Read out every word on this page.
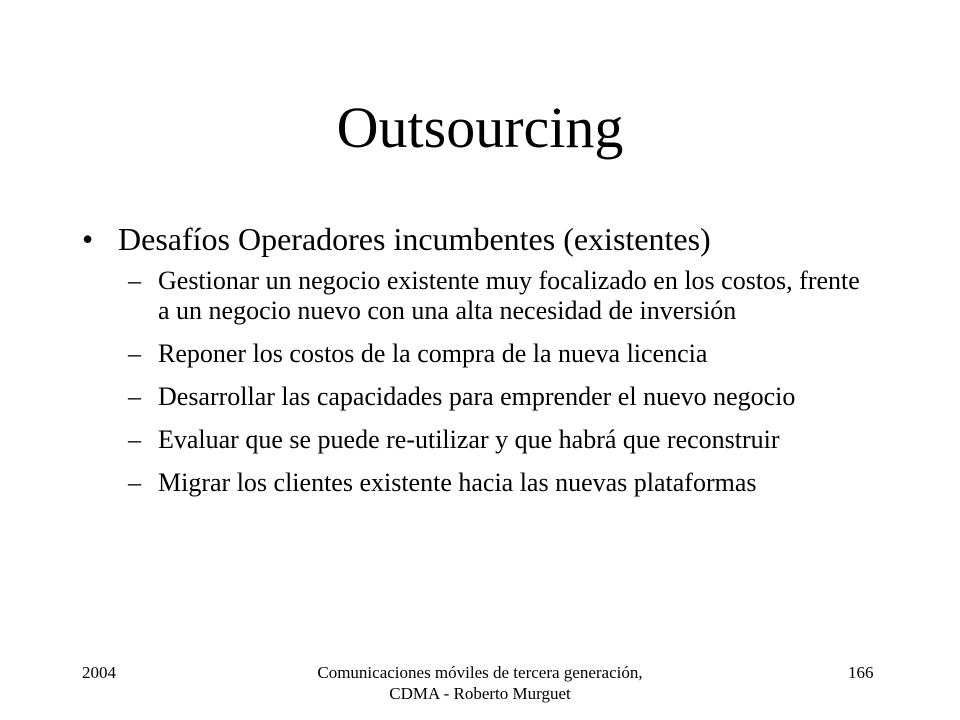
Outsourcing
• Desafíos Operadores incumbentes (existentes)
– Gestionar un negocio existente muy focalizado en los costos, frente a un negocio nuevo con una alta necesidad de inversión
– Reponer los costos de la compra de la nueva licencia
– Desarrollar las capacidades para emprender el nuevo negocio
– Evaluar que se puede re-utilizar y que habrá que reconstruir
– Migrar los clientes existente hacia las nuevas plataformas
2004	Comunicaciones móviles de tercera generación, CDMA - Roberto Murguet
166
